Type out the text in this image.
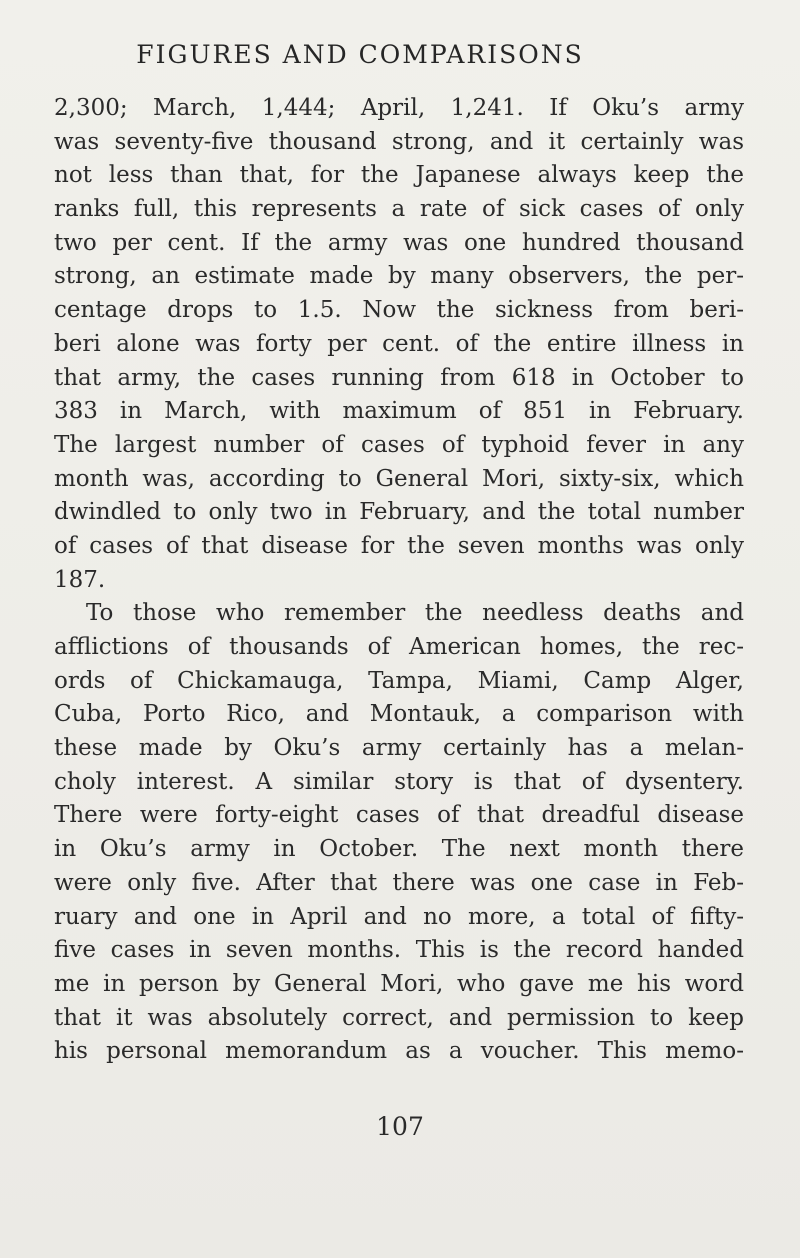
FIGURES AND COMPARISONS
2,300; March, 1,444; April, 1,241. If Oku’s army
was seventy-five thousand strong, and it certainly was
not less than that, for the Japanese always keep the
ranks full, this represents a rate of sick cases of only
two per cent. If the army was one hundred thousand
strong, an estimate made by many observers, the per-
centage drops to 1.5. Now the sickness from beri-
beri alone was forty per cent. of the entire illness in
that army, the cases running from 618 in October to
383 in March, with maximum of 851 in February.
The largest number of cases of typhoid fever in any
month was, according to General Mori, sixty-six, which
dwindled to only two in February, and the total number
of cases of that disease for the seven months was only
187.
To those who remember the needless deaths and
afflictions of thousands of American homes, the rec-
ords of Chickamauga, Tampa, Miami, Camp Alger,
Cuba, Porto Rico, and Montauk, a comparison with
these made by Oku’s army certainly has a melan-
choly interest. A similar story is that of dysentery.
There were forty-eight cases of that dreadful disease
in Oku’s army in October. The next month there
were only five. After that there was one case in Feb-
ruary and one in April and no more, a total of fifty-
five cases in seven months. This is the record handed
me in person by General Mori, who gave me his word
that it was absolutely correct, and permission to keep
his personal memorandum as a voucher. This memo-
107
